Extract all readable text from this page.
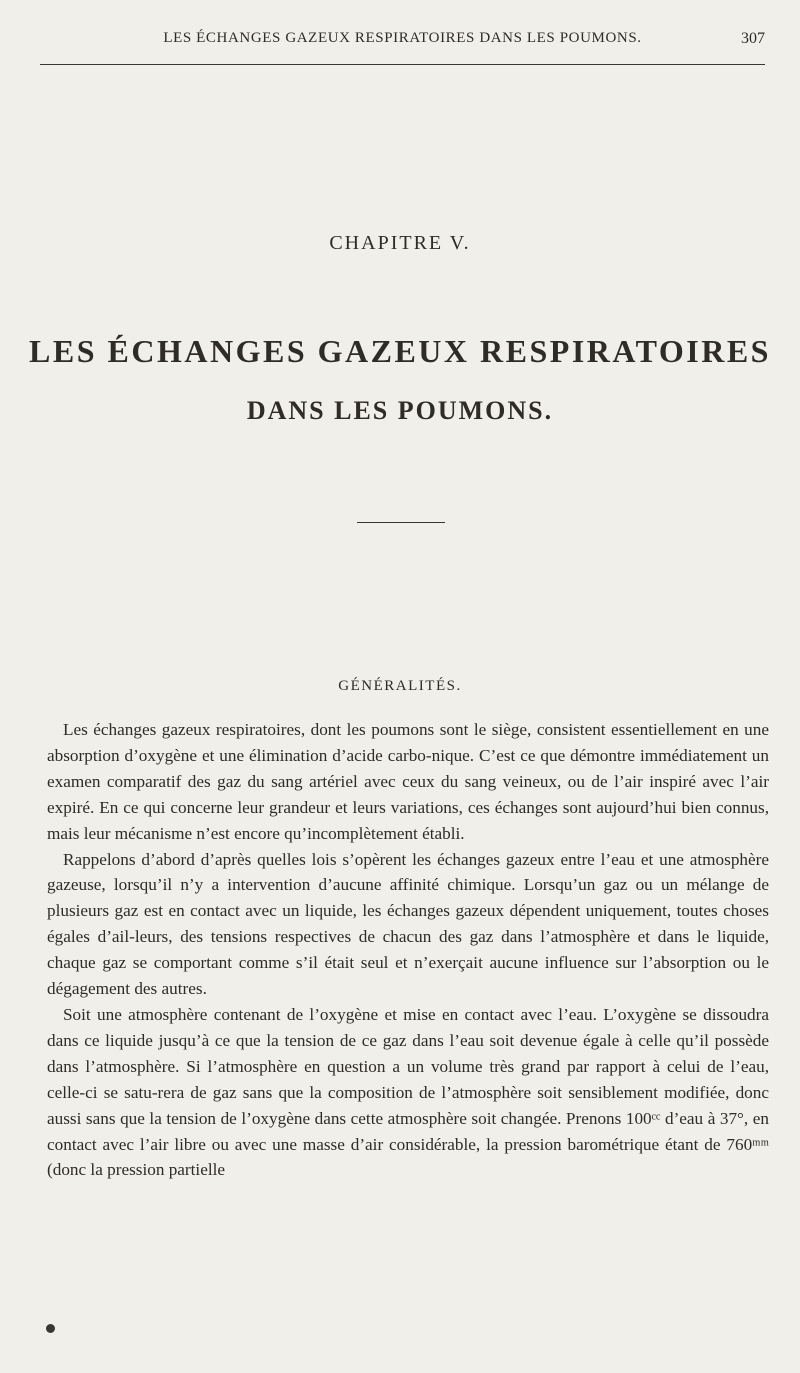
LES ÉCHANGES GAZEUX RESPIRATOIRES DANS LES POUMONS.	307
CHAPITRE V.
LES ÉCHANGES GAZEUX RESPIRATOIRES
DANS LES POUMONS.
GÉNÉRALITÉS.

Les échanges gazeux respiratoires, dont les poumons sont le siège, consistent essentiellement en une absorption d’oxygène et une élimination d’acide carbo-nique. C’est ce que démontre immédiatement un examen comparatif des gaz du sang artériel avec ceux du sang veineux, ou de l’air inspiré avec l’air expiré. En ce qui concerne leur grandeur et leurs variations, ces échanges sont aujourd’hui bien connus, mais leur mécanisme n’est encore qu’incomplètement établi.

Rappelons d’abord d’après quelles lois s’opèrent les échanges gazeux entre l’eau et une atmosphère gazeuse, lorsqu’il n’y a intervention d’aucune affinité chimique. Lorsqu’un gaz ou un mélange de plusieurs gaz est en contact avec un liquide, les échanges gazeux dépendent uniquement, toutes choses égales d’ail-leurs, des tensions respectives de chacun des gaz dans l’atmosphère et dans le liquide, chaque gaz se comportant comme s’il était seul et n’exerçait aucune influence sur l’absorption ou le dégagement des autres.

Soit une atmosphère contenant de l’oxygène et mise en contact avec l’eau. L’oxygène se dissoudra dans ce liquide jusqu’à ce que la tension de ce gaz dans l’eau soit devenue égale à celle qu’il possède dans l’atmosphère. Si l’atmosphère en question a un volume très grand par rapport à celui de l’eau, celle-ci se satu-rera de gaz sans que la composition de l’atmosphère soit sensiblement modifiée, donc aussi sans que la tension de l’oxygène dans cette atmosphère soit changée. Prenons 100ᶜᶜ d’eau à 37°, en contact avec l’air libre ou avec une masse d’air considérable, la pression barométrique étant de 760ᵐᵐ (donc la pression partielle
